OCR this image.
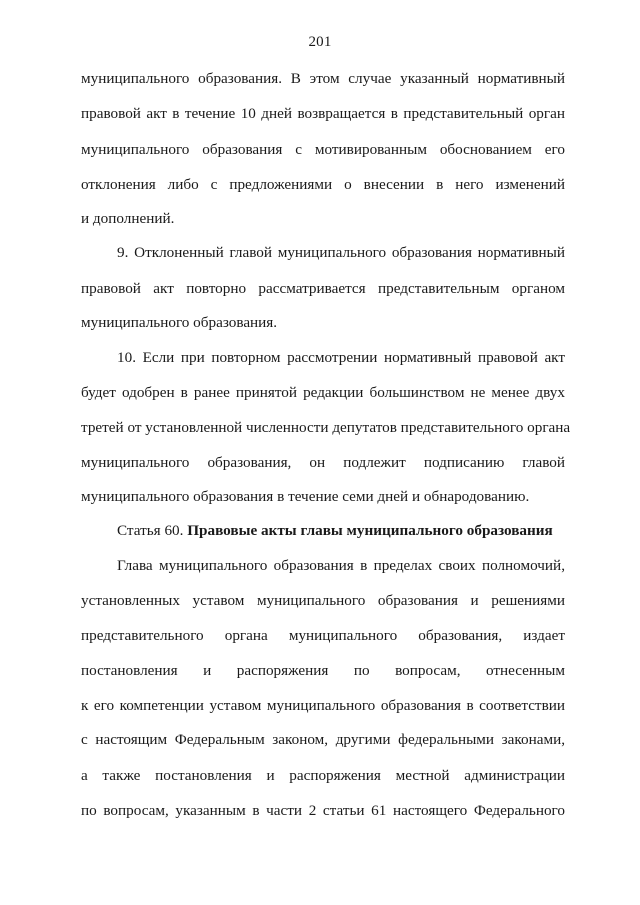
201
муниципального образования. В этом случае указанный нормативный
правовой акт в течение 10 дней возвращается в представительный орган
муниципального образования с мотивированным обоснованием его
отклонения либо с предложениями о внесении в него изменений
и дополнений.
9. Отклоненный главой муниципального образования нормативный
правовой акт повторно рассматривается представительным органом
муниципального образования.
10. Если при повторном рассмотрении нормативный правовой акт
будет одобрен в ранее принятой редакции большинством не менее двух
третей от установленной численности депутатов представительного органа
муниципального образования, он подлежит подписанию главой
муниципального образования в течение семи дней и обнародованию.
Статья 60. Правовые акты главы муниципального образования
Глава муниципального образования в пределах своих полномочий,
установленных уставом муниципального образования и решениями
представительного органа муниципального образования, издает
постановления и распоряжения по вопросам, отнесенным
к его компетенции уставом муниципального образования в соответствии
с настоящим Федеральным законом, другими федеральными законами,
а также постановления и распоряжения местной администрации
по вопросам, указанным в части 2 статьи 61 настоящего Федерального
